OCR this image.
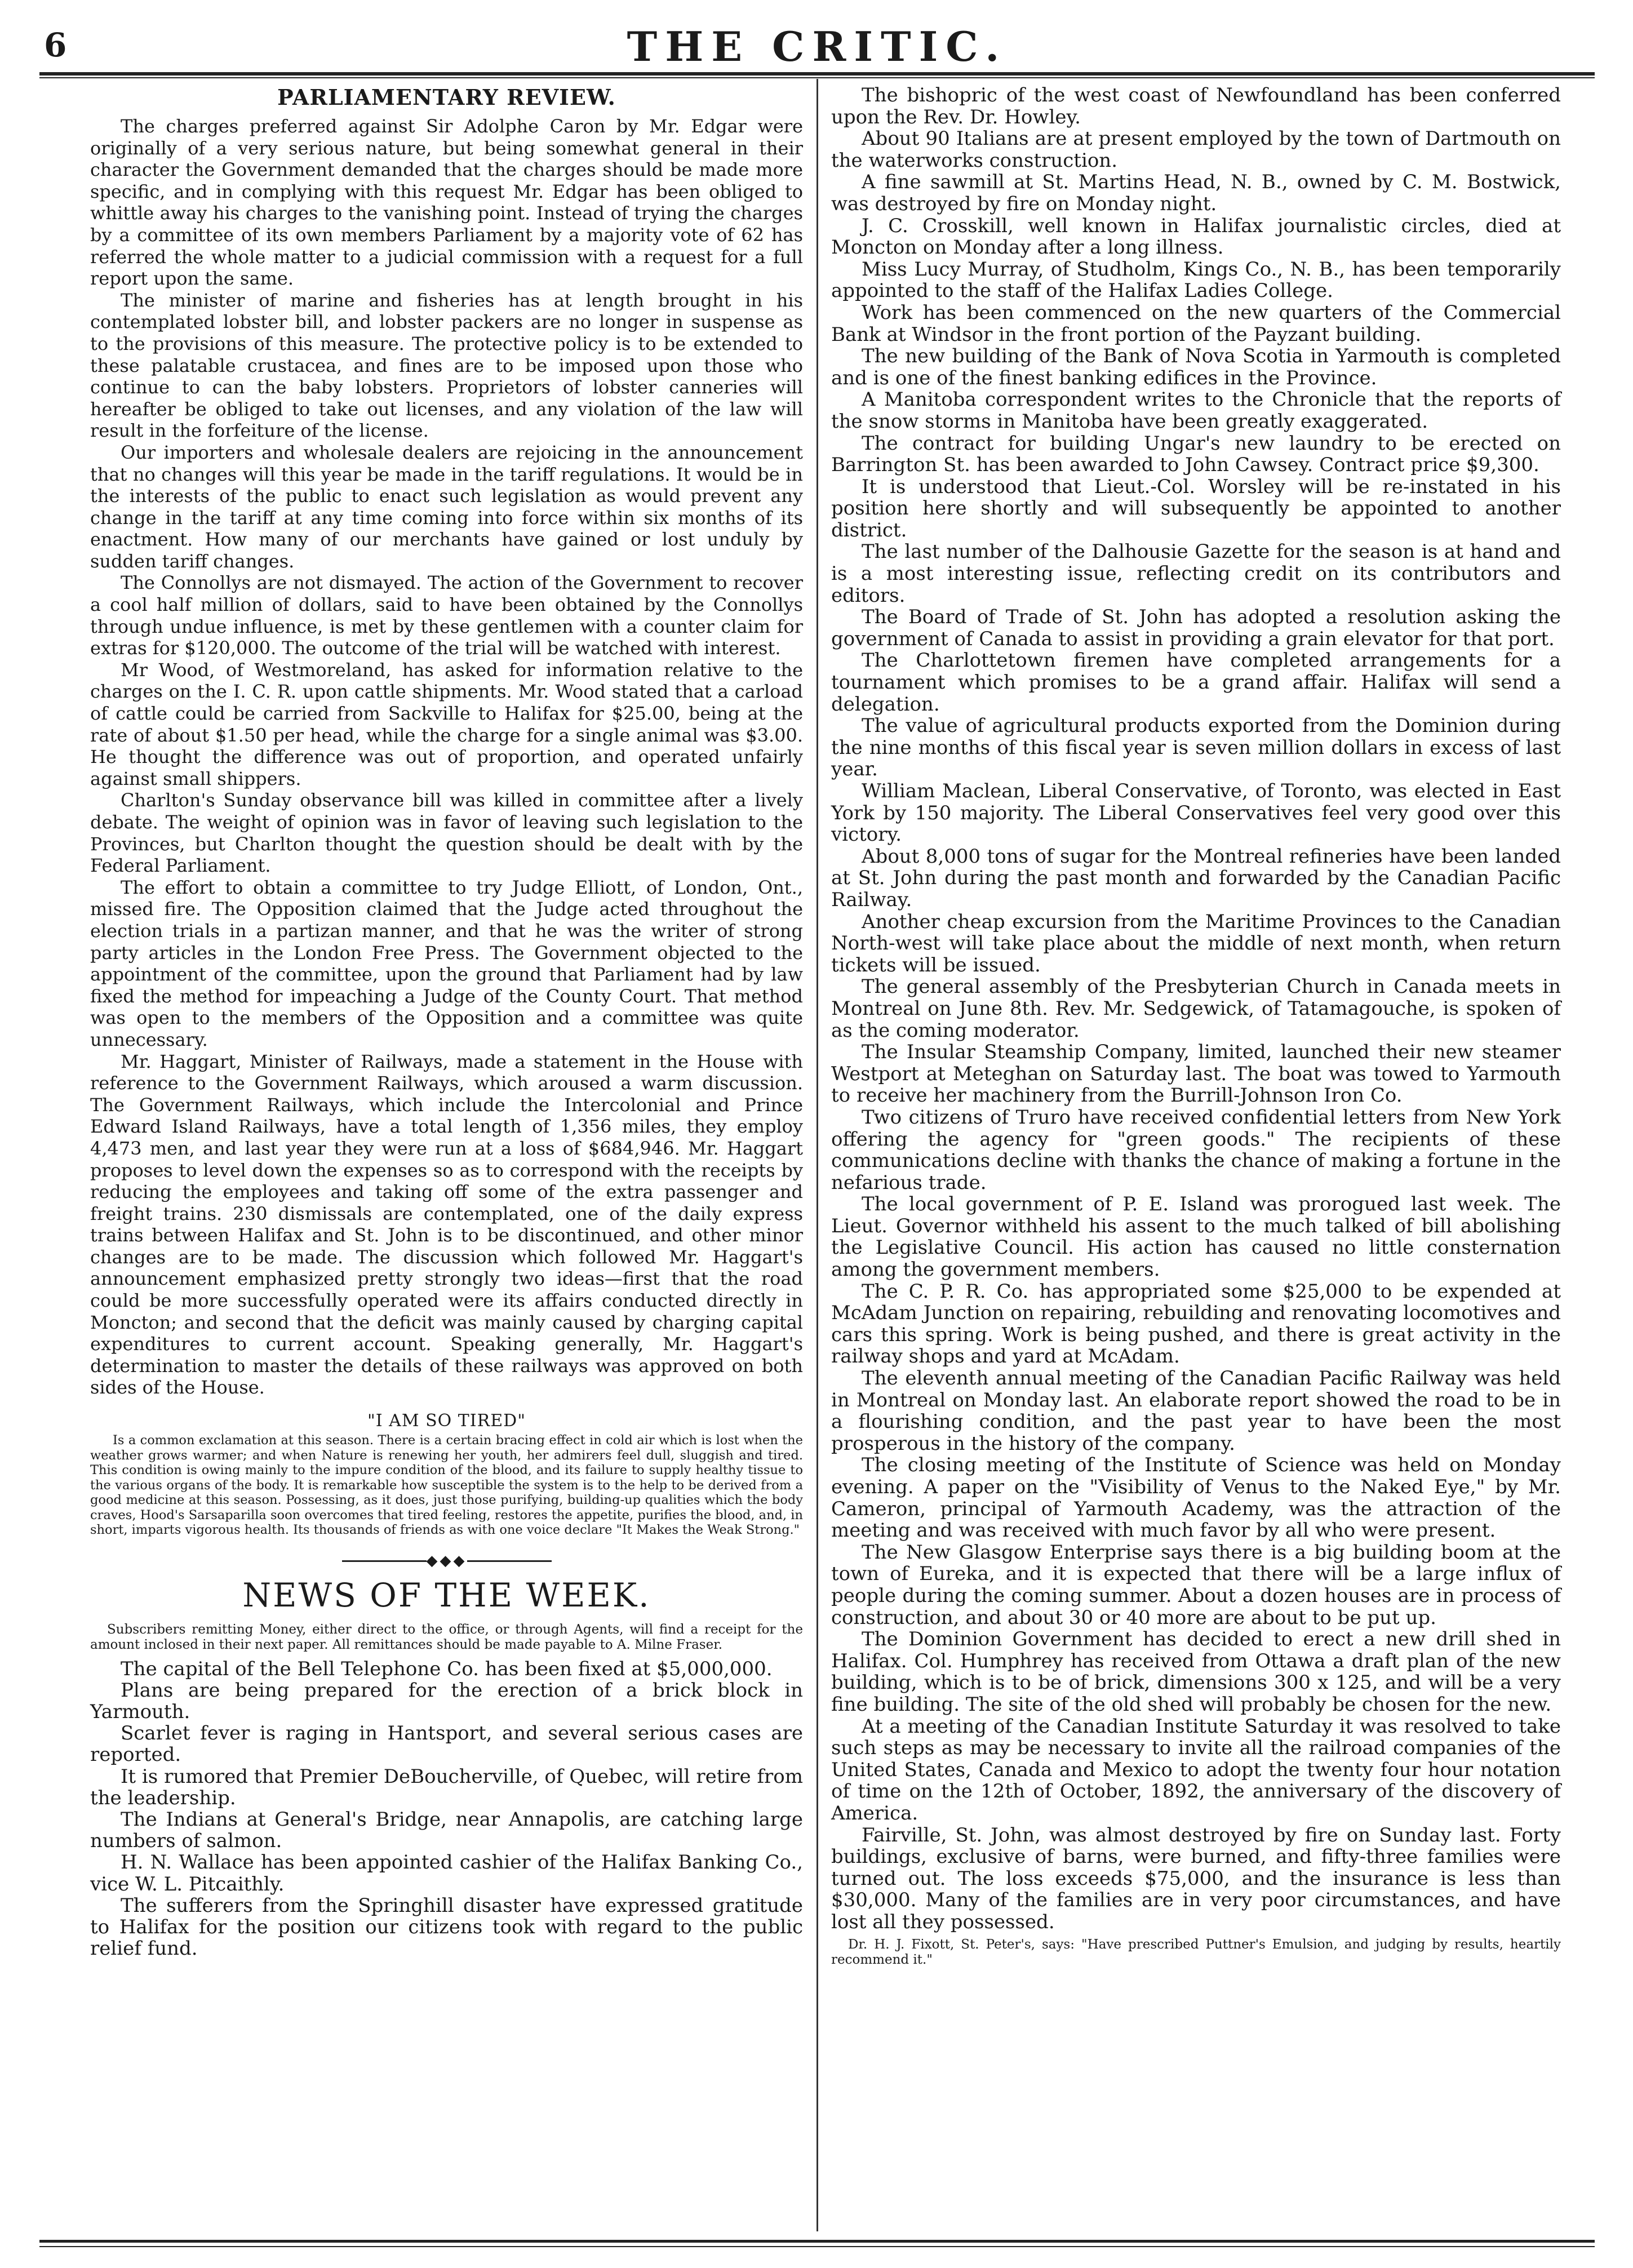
6	THE CRITIC.
PARLIAMENTARY REVIEW.

The charges preferred against Sir Adolphe Caron by Mr. Edgar were originally of a very serious nature, but being somewhat general in their character the Government demanded that the charges should be made more specific, and in complying with this request Mr. Edgar has been obliged to whittle away his charges to the vanishing point. Instead of trying the charges by a committee of its own members Parliament by a majority vote of 62 has referred the whole matter to a judicial commission with a request for a full report upon the same.

The minister of marine and fisheries has at length brought in his contemplated lobster bill, and lobster packers are no longer in suspense as to the provisions of this measure. The protective policy is to be extended to these palatable crustacea, and fines are to be imposed upon those who continue to can the baby lobsters. Proprietors of lobster canneries will hereafter be obliged to take out licenses, and any violation of the law will result in the forfeiture of the license.

Our importers and wholesale dealers are rejoicing in the announcement that no changes will this year be made in the tariff regulations. It would be in the interests of the public to enact such legislation as would prevent any change in the tariff at any time coming into force within six months of its enactment. How many of our merchants have gained or lost unduly by sudden tariff changes.

The Connollys are not dismayed. The action of the Government to recover a cool half million of dollars, said to have been obtained by the Connollys through undue influence, is met by these gentlemen with a counter claim for extras for $120,000. The outcome of the trial will be watched with interest.

Mr Wood, of Westmoreland, has asked for information relative to the charges on the I. C. R. upon cattle shipments. Mr. Wood stated that a carload of cattle could be carried from Sackville to Halifax for $25.00, being at the rate of about $1.50 per head, while the charge for a single animal was $3.00. He thought the difference was out of proportion, and operated unfairly against small shippers.

Charlton's Sunday observance bill was killed in committee after a lively debate. The weight of opinion was in favor of leaving such legislation to the Provinces, but Charlton thought the question should be dealt with by the Federal Parliament.

The effort to obtain a committee to try Judge Elliott, of London, Ont., missed fire. The Opposition claimed that the Judge acted throughout the election trials in a partizan manner, and that he was the writer of strong party articles in the London Free Press. The Government objected to the appointment of the committee, upon the ground that Parliament had by law fixed the method for impeaching a Judge of the County Court. That method was open to the members of the Opposition and a committee was quite unnecessary.

Mr. Haggart, Minister of Railways, made a statement in the House with reference to the Government Railways, which aroused a warm discussion. The Government Railways, which include the Intercolonial and Prince Edward Island Railways, have a total length of 1,356 miles, they employ 4,473 men, and last year they were run at a loss of $684,946. Mr. Haggart proposes to level down the expenses so as to correspond with the receipts by reducing the employees and taking off some of the extra passenger and freight trains. 230 dismissals are contemplated, one of the daily express trains between Halifax and St. John is to be discontinued, and other minor changes are to be made. The discussion which followed Mr. Haggart's announcement emphasized pretty strongly two ideas—first that the road could be more successfully operated were its affairs conducted directly in Moncton; and second that the deficit was mainly caused by charging capital expenditures to current account. Speaking generally, Mr. Haggart's determination to master the details of these railways was approved on both sides of the House.

"I AM SO TIRED"

Is a common exclamation at this season. There is a certain bracing effect in cold air which is lost when the weather grows warmer; and when Nature is renewing her youth, her admirers feel dull, sluggish and tired. This condition is owing mainly to the impure condition of the blood, and its failure to supply healthy tissue to the various organs of the body. It is remarkable how susceptible the system is to the help to be derived from a good medicine at this season. Possessing, as it does, just those purifying, building-up qualities which the body craves, Hood's Sarsaparilla soon overcomes that tired feeling, restores the appetite, purifies the blood, and, in short, imparts vigorous health. Its thousands of friends as with one voice declare "It Makes the Weak Strong."

◆◆◆
NEWS OF THE WEEK.

Subscribers remitting Money, either direct to the office, or through Agents, will find a receipt for the amount inclosed in their next paper. All remittances should be made payable to A. Milne Fraser.

The capital of the Bell Telephone Co. has been fixed at $5,000,000.

Plans are being prepared for the erection of a brick block in Yarmouth.

Scarlet fever is raging in Hantsport, and several serious cases are reported.

It is rumored that Premier DeBoucherville, of Quebec, will retire from the leadership.

The Indians at General's Bridge, near Annapolis, are catching large numbers of salmon.

H. N. Wallace has been appointed cashier of the Halifax Banking Co., vice W. L. Pitcaithly.

The sufferers from the Springhill disaster have expressed gratitude to Halifax for the position our citizens took with regard to the public relief fund.

The bishopric of the west coast of Newfoundland has been conferred upon the Rev. Dr. Howley.

About 90 Italians are at present employed by the town of Dartmouth on the waterworks construction.

A fine sawmill at St. Martins Head, N. B., owned by C. M. Bostwick, was destroyed by fire on Monday night.

J. C. Crosskill, well known in Halifax journalistic circles, died at Moncton on Monday after a long illness.

Miss Lucy Murray, of Studholm, Kings Co., N. B., has been temporarily appointed to the staff of the Halifax Ladies College.

Work has been commenced on the new quarters of the Commercial Bank at Windsor in the front portion of the Payzant building.

The new building of the Bank of Nova Scotia in Yarmouth is completed and is one of the finest banking edifices in the Province.

A Manitoba correspondent writes to the Chronicle that the reports of the snow storms in Manitoba have been greatly exaggerated.

The contract for building Ungar's new laundry to be erected on Barrington St. has been awarded to John Cawsey. Contract price $9,300.

It is understood that Lieut.-Col. Worsley will be re-instated in his position here shortly and will subsequently be appointed to another district.

The last number of the Dalhousie Gazette for the season is at hand and is a most interesting issue, reflecting credit on its contributors and editors.

The Board of Trade of St. John has adopted a resolution asking the government of Canada to assist in providing a grain elevator for that port.

The Charlottetown firemen have completed arrangements for a tournament which promises to be a grand affair. Halifax will send a delegation.

The value of agricultural products exported from the Dominion during the nine months of this fiscal year is seven million dollars in excess of last year.

William Maclean, Liberal Conservative, of Toronto, was elected in East York by 150 majority. The Liberal Conservatives feel very good over this victory.

About 8,000 tons of sugar for the Montreal refineries have been landed at St. John during the past month and forwarded by the Canadian Pacific Railway.

Another cheap excursion from the Maritime Provinces to the Canadian North-west will take place about the middle of next month, when return tickets will be issued.

The general assembly of the Presbyterian Church in Canada meets in Montreal on June 8th. Rev. Mr. Sedgewick, of Tatamagouche, is spoken of as the coming moderator.

The Insular Steamship Company, limited, launched their new steamer Westport at Meteghan on Saturday last. The boat was towed to Yarmouth to receive her machinery from the Burrill-Johnson Iron Co.

Two citizens of Truro have received confidential letters from New York offering the agency for "green goods." The recipients of these communications decline with thanks the chance of making a fortune in the nefarious trade.

The local government of P. E. Island was prorogued last week. The Lieut. Governor withheld his assent to the much talked of bill abolishing the Legislative Council. His action has caused no little consternation among the government members.

The C. P. R. Co. has appropriated some $25,000 to be expended at McAdam Junction on repairing, rebuilding and renovating locomotives and cars this spring. Work is being pushed, and there is great activity in the railway shops and yard at McAdam.

The eleventh annual meeting of the Canadian Pacific Railway was held in Montreal on Monday last. An elaborate report showed the road to be in a flourishing condition, and the past year to have been the most prosperous in the history of the company.

The closing meeting of the Institute of Science was held on Monday evening. A paper on the "Visibility of Venus to the Naked Eye," by Mr. Cameron, principal of Yarmouth Academy, was the attraction of the meeting and was received with much favor by all who were present.

The New Glasgow Enterprise says there is a big building boom at the town of Eureka, and it is expected that there will be a large influx of people during the coming summer. About a dozen houses are in process of construction, and about 30 or 40 more are about to be put up.

The Dominion Government has decided to erect a new drill shed in Halifax. Col. Humphrey has received from Ottawa a draft plan of the new building, which is to be of brick, dimensions 300 x 125, and will be a very fine building. The site of the old shed will probably be chosen for the new.

At a meeting of the Canadian Institute Saturday it was resolved to take such steps as may be necessary to invite all the railroad companies of the United States, Canada and Mexico to adopt the twenty four hour notation of time on the 12th of October, 1892, the anniversary of the discovery of America.

Fairville, St. John, was almost destroyed by fire on Sunday last. Forty buildings, exclusive of barns, were burned, and fifty-three families were turned out. The loss exceeds $75,000, and the insurance is less than $30,000. Many of the families are in very poor circumstances, and have lost all they possessed.

Dr. H. J. Fixott, St. Peter's, says: "Have prescribed Puttner's Emulsion, and judging by results, heartily recommend it."
